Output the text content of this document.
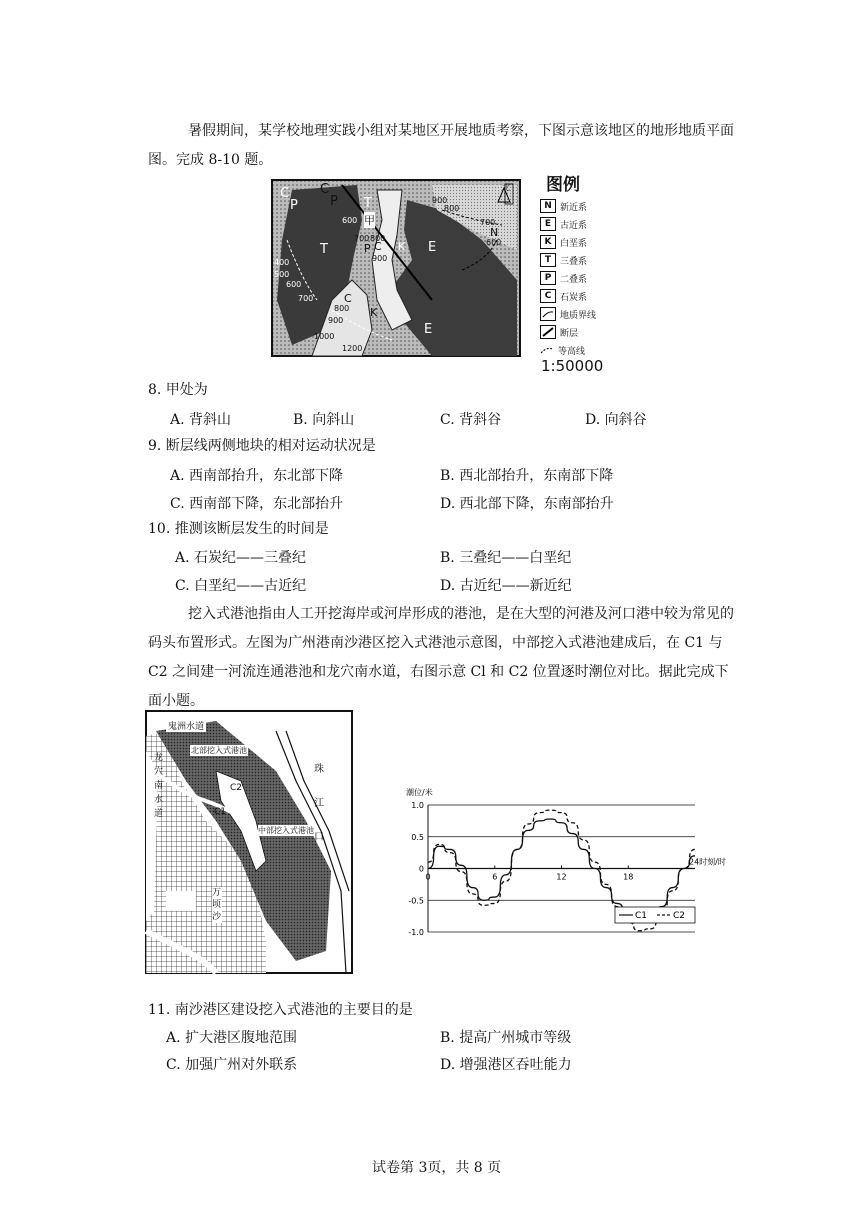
暑假期间，某学校地理实践小组对某地区开展地质考察，下图示意该地区的地形地质平面图。完成 8-10 题。
甲
北
C
P
C
P T
T	P C K E
N
C
K
E
900
800
700
600
600
700 800
900
400
500
600
700
800
900
1000
1200
图例
N 新近系
E 古近系
K 白垩系
T 三叠系
P 二叠系
C 石炭系
地质界线
断层
等高线
1:50000
8. 甲处为
A. 背斜山	B. 向斜山	C. 背斜谷	D. 向斜谷
9. 断层线两侧地块的相对运动状况是
A. 西南部抬升，东北部下降	B. 西北部抬升，东南部下降
C. 西南部下降，东北部抬升	D. 西北部下降，东南部抬升
10. 推测该断层发生的时间是
A. 石炭纪——三叠纪	B. 三叠纪——白垩纪
C. 白垩纪——古近纪	D. 古近纪——新近纪
挖入式港池指由人工开挖海岸或河岸形成的港池，是在大型的河港及河口港中较为常见的码头布置形式。左图为广州港南沙港区挖入式港池示意图，中部挖入式港池建成后，在 C1 与 C2 之间建一河流连通港池和龙穴南水道，右图示意 Cl 和 C2 位置逐时潮位对比。据此完成下面小题。
鬼洲水道
北部挖入式港池
中部挖入式港池
龙穴南水道
珠江口
万顷沙
C1
C2	潮位/米
1.0
0.5
0
-0.5
-1.0
0	6	12	18
24时刻/时
C1	C2
11. 南沙港区建设挖入式港池的主要目的是
A. 扩大港区腹地范围	B. 提高广州城市等级
C. 加强广州对外联系	D. 增强港区吞吐能力
试卷第 3页，共 8 页
